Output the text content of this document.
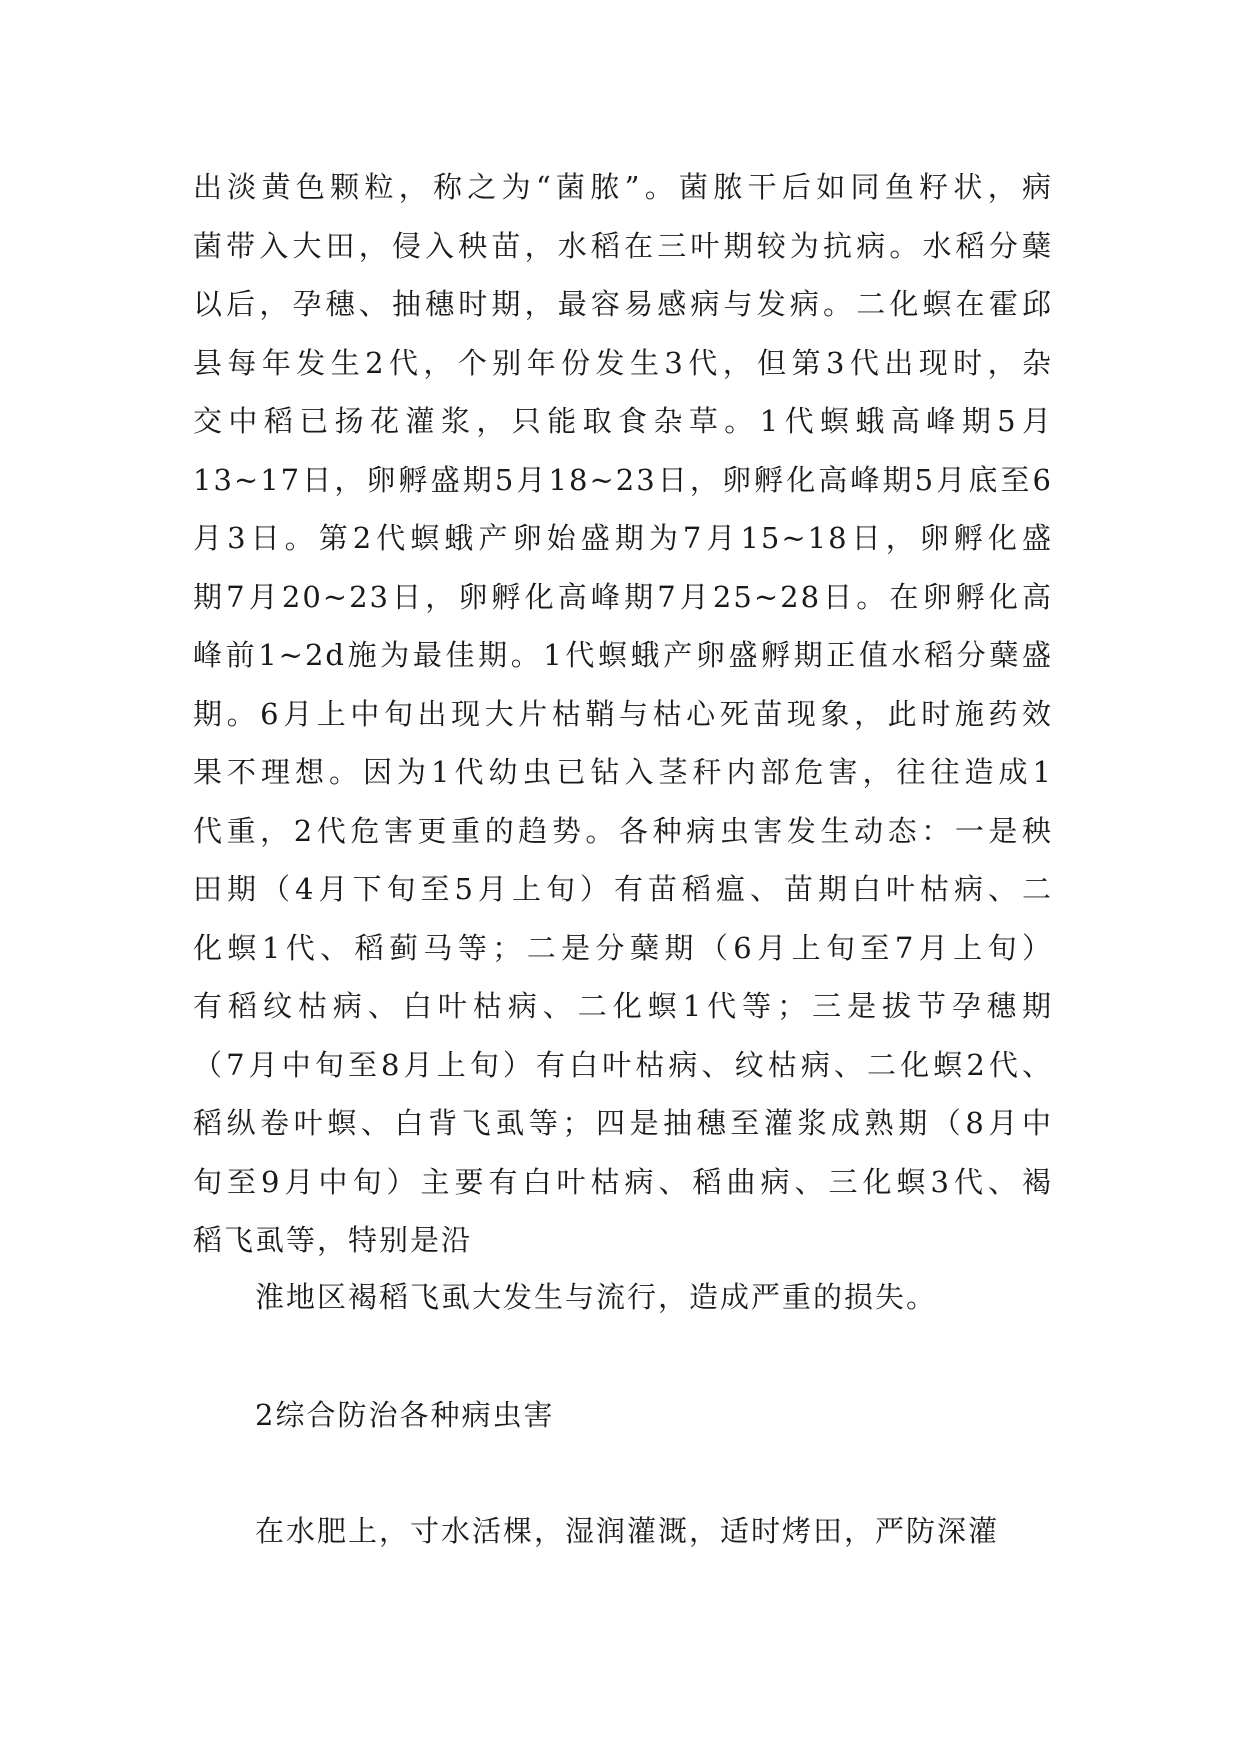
出淡黄色颗粒，称之为“菌脓”。菌脓干后如同鱼籽状，病
菌带入大田，侵入秧苗，水稻在三叶期较为抗病。水稻分蘖
以后，孕穗、抽穗时期，最容易感病与发病。二化螟在霍邱
县每年发生2代，个别年份发生3代，但第3代出现时，杂
交中稻已扬花灌浆，只能取食杂草。1代螟蛾高峰期5月
13~17日，卵孵盛期5月18~23日，卵孵化高峰期5月底至6
月3日。第2代螟蛾产卵始盛期为7月15~18日，卵孵化盛
期7月20~23日，卵孵化高峰期7月25~28日。在卵孵化高
峰前1~2d施为最佳期。1代螟蛾产卵盛孵期正值水稻分蘖盛
期。6月上中旬出现大片枯鞘与枯心死苗现象，此时施药效
果不理想。因为1代幼虫已钻入茎秆内部危害，往往造成1
代重，2代危害更重的趋势。各种病虫害发生动态：一是秧
田期（4月下旬至5月上旬）有苗稻瘟、苗期白叶枯病、二
化螟1代、稻蓟马等；二是分蘖期（6月上旬至7月上旬）
有稻纹枯病、白叶枯病、二化螟1代等；三是拔节孕穗期
（7月中旬至8月上旬）有白叶枯病、纹枯病、二化螟2代、
稻纵卷叶螟、白背飞虱等；四是抽穗至灌浆成熟期（8月中
旬至9月中旬）主要有白叶枯病、稻曲病、三化螟3代、褐
稻飞虱等，特别是沿

淮地区褐稻飞虱大发生与流行，造成严重的损失。

2综合防治各种病虫害

在水肥上，寸水活棵，湿润灌溉，适时烤田，严防深灌
